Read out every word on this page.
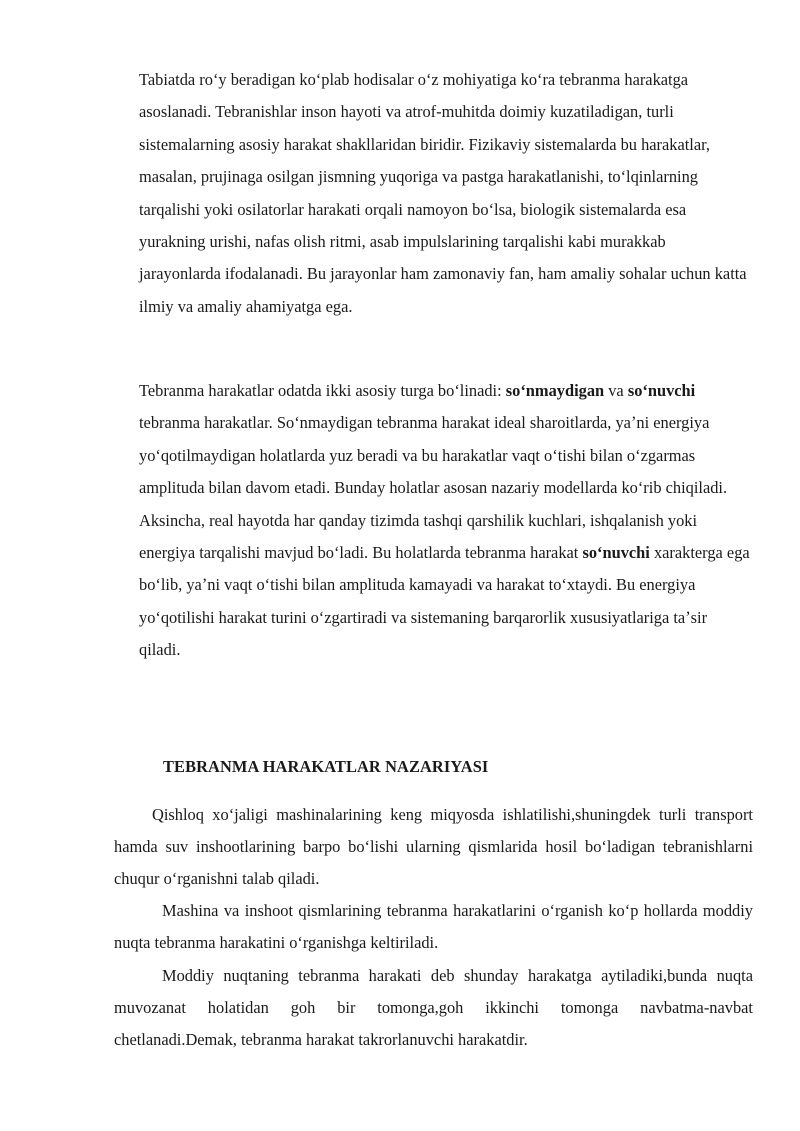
Tabiatda roʻy beradigan koʻplab hodisalar oʻz mohiyatiga koʻra tebranma harakatga asoslanadi. Tebranishlar inson hayoti va atrof-muhitda doimiy kuzatiladigan, turli sistemalarning asosiy harakat shakllaridan biridir. Fizikaviy sistemalarda bu harakatlar, masalan, prujinaga osilgan jismning yuqoriga va pastga harakatlanishi, toʻlqinlarning tarqalishi yoki osilatorlar harakati orqali namoyon boʻlsa, biologik sistemalarda esa yurakning urishi, nafas olish ritmi, asab impulslarining tarqalishi kabi murakkab jarayonlarda ifodalanadi. Bu jarayonlar ham zamonaviy fan, ham amaliy sohalar uchun katta ilmiy va amaliy ahamiyatga ega.

Tebranma harakatlar odatda ikki asosiy turga boʻlinadi: soʻnmaydigan va soʻnuvchi tebranma harakatlar. Soʻnmaydigan tebranma harakat ideal sharoitlarda, yaʼni energiya yoʻqotilmaydigan holatlarda yuz beradi va bu harakatlar vaqt oʻtishi bilan oʻzgarmas amplituda bilan davom etadi. Bunday holatlar asosan nazariy modellarda koʻrib chiqiladi. Aksincha, real hayotda har qanday tizimda tashqi qarshilik kuchlari, ishqalanish yoki energiya tarqalishi mavjud boʻladi. Bu holatlarda tebranma harakat soʻnuvchi xarakterga ega boʻlib, yaʼni vaqt oʻtishi bilan amplituda kamayadi va harakat toʻxtaydi. Bu energiya yoʻqotilishi harakat turini oʻzgartiradi va sistemaning barqarorlik xususiyatlariga taʼsir qiladi.

TEBRANMA HARAKATLAR NAZARIYASI

Qishloq xoʻjaligi mashinalarining keng miqyosda ishlatilishi,shuningdek turli transport hamda suv inshootlarining barpo boʻlishi ularning qismlarida hosil boʻladigan tebranishlarni chuqur oʻrganishni talab qiladi.

Mashina va inshoot qismlarining tebranma harakatlarini oʻrganish koʻp hollarda moddiy nuqta tebranma harakatini oʻrganishga keltiriladi.

Moddiy nuqtaning tebranma harakati deb shunday harakatga aytiladiki,bunda nuqta muvozanat holatidan goh bir tomonga,goh ikkinchi tomonga navbatma-navbat chetlanadi.Demak, tebranma harakat takrorlanuvchi harakatdir.
